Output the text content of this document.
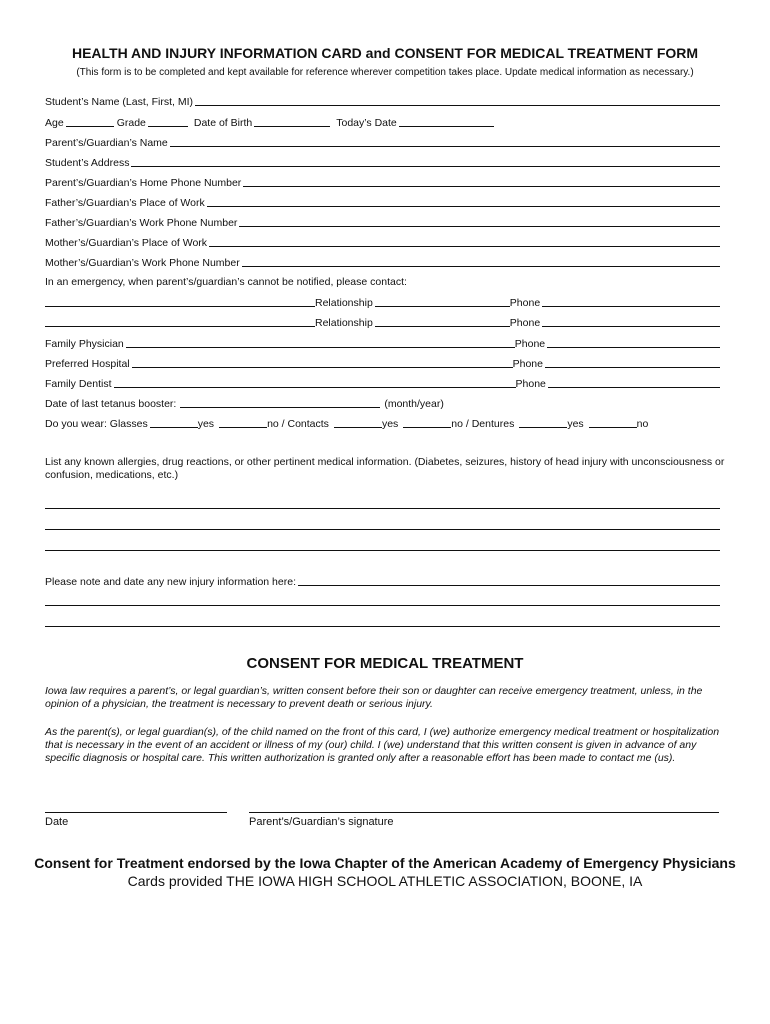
HEALTH AND INJURY INFORMATION CARD and CONSENT FOR MEDICAL TREATMENT FORM
(This form is to be completed and kept available for reference wherever competition takes place. Update medical information as necessary.)
Student’s Name (Last, First, MI)
Age	Grade	Date of Birth	Today’s Date
Parent’s/Guardian’s Name
Student’s Address
Parent’s/Guardian’s Home Phone Number
Father’s/Guardian’s Place of Work
Father’s/Guardian’s Work Phone Number
Mother’s/Guardian’s Place of Work
Mother’s/Guardian’s Work Phone Number
In an emergency, when parent’s/guardian’s cannot be notified, please contact:
Relationship	Phone
Relationship	Phone
Family Physician	Phone
Preferred Hospital	Phone
Family Dentist	Phone
Date of last tetanus booster:	(month/year)
Do you wear: Glasses	yes	no / Contacts	yes	no / Dentures	yes	no
List any known allergies, drug reactions, or other pertinent medical information. (Diabetes, seizures, history of head injury with unconsciousness or confusion, medications, etc.)
Please note and date any new injury information here:
CONSENT FOR MEDICAL TREATMENT
Iowa law requires a parent’s, or legal guardian’s, written consent before their son or daughter can receive emergency treatment, unless, in the opinion of a physician, the treatment is necessary to prevent death or serious injury.
As the parent(s), or legal guardian(s), of the child named on the front of this card, I (we) authorize emergency medical treatment or hospitalization that is necessary in the event of an accident or illness of my (our) child. I (we) understand that this written consent is given in advance of any specific diagnosis or hospital care. This written authorization is granted only after a reasonable effort has been made to contact me (us).
Date	Parent’s/Guardian’s signature
Consent for Treatment endorsed by the Iowa Chapter of the American Academy of Emergency Physicians
Cards provided THE IOWA HIGH SCHOOL ATHLETIC ASSOCIATION, BOONE, IA
